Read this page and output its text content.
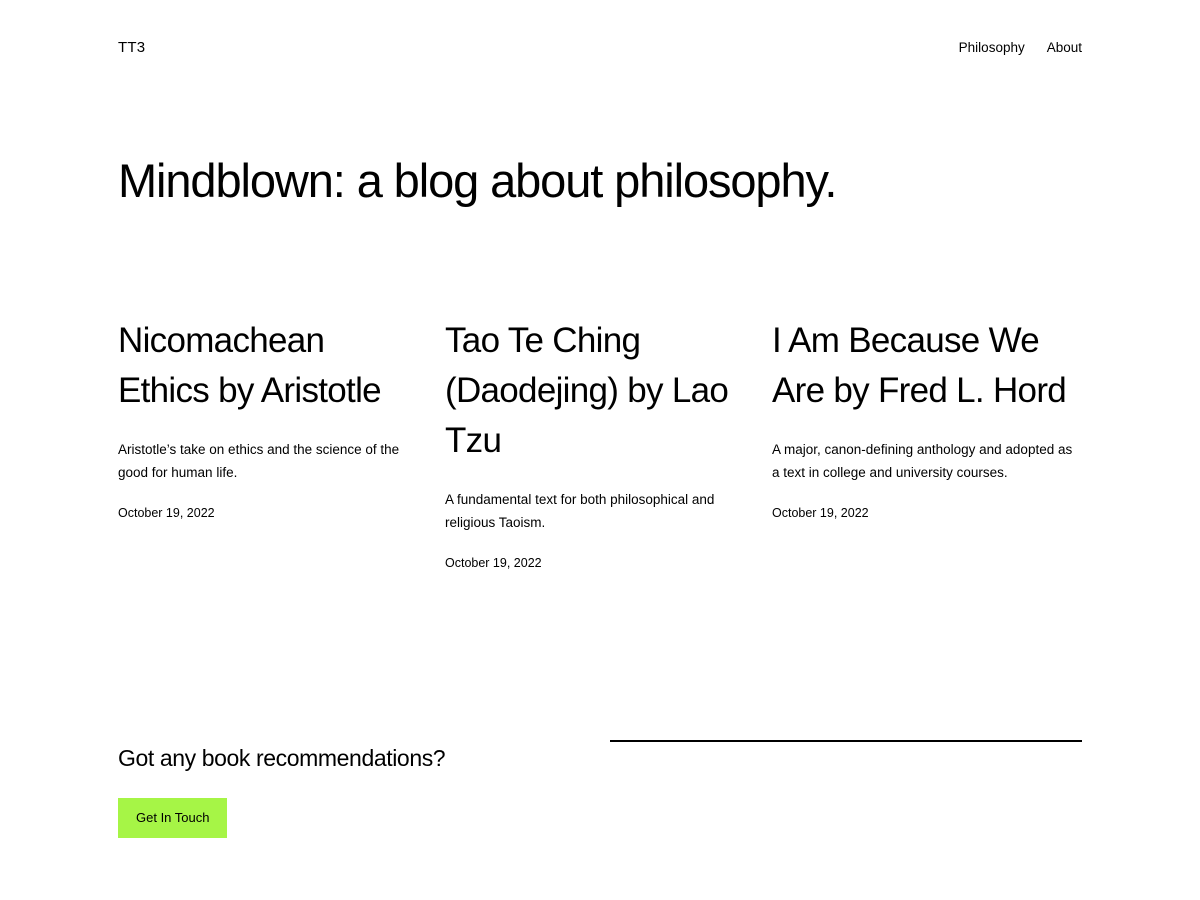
TT3	Philosophy About
Mindblown: a blog about philosophy.
Nicomachean Ethics by Aristotle

Aristotle’s take on ethics and the science of the good for human life.

October 19, 2022
Tao Te Ching (Daodejing) by Lao Tzu

A fundamental text for both philosophical and religious Taoism.

October 19, 2022
I Am Because We Are by Fred L. Hord

A major, canon-defining anthology and adopted as a text in college and university courses.

October 19, 2022
Got any book recommendations?
Get In Touch
